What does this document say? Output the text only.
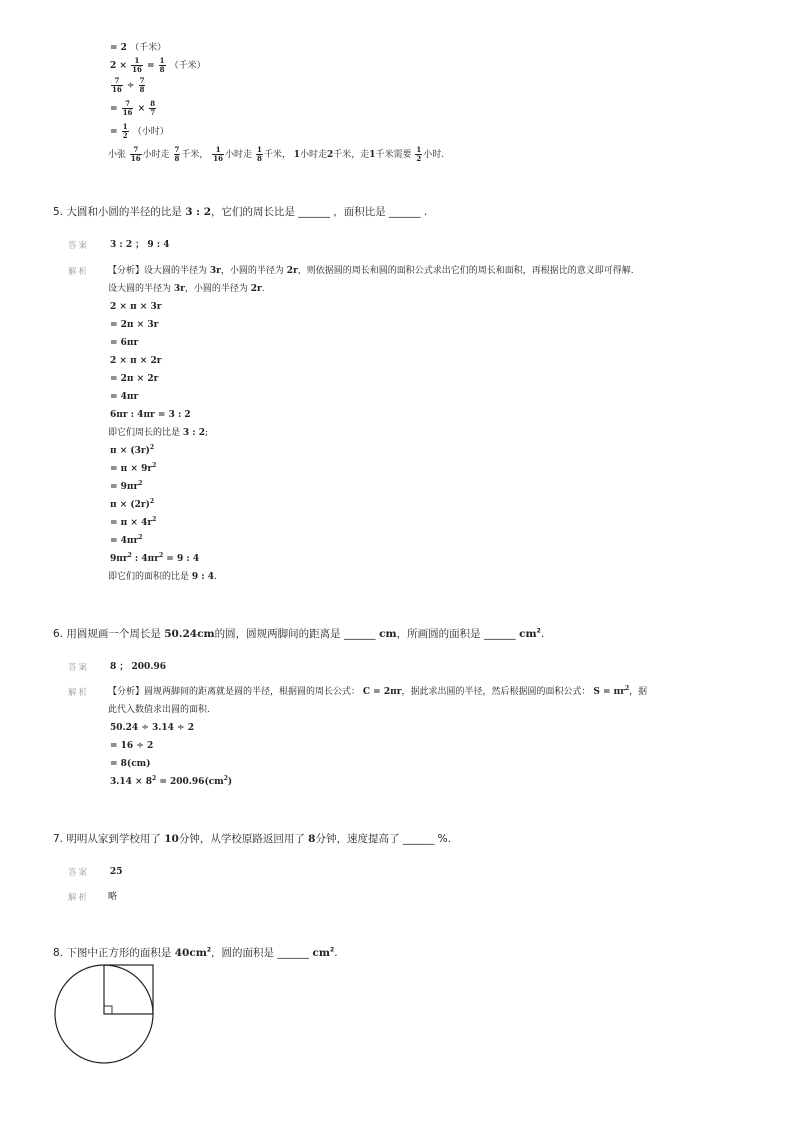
= 2 （千米）
$2 \times \frac{1}{16} = \frac{1}{8}$ （千米）
$\frac{7}{16} \div \frac{7}{8}$
= $\frac{7}{16} \times \frac{8}{7}$
= $\frac{1}{2}$ （小时）
小张 $\frac{7}{16}$ 小时走 $\frac{7}{8}$ 千米， $\frac{1}{16}$ 小时走 $\frac{1}{8}$ 千米， 1小时走2千米，走1千米需要 $\frac{1}{2}$ 小时.
5. 大圆和小圆的半径的比是 3 : 2，它们的周长比是 ______ ，面积比是 ______ .
答案 3 : 2 ； 9 : 4
解析 【分析】设大圆的半径为 3r，小圆的半径为 2r，则依据圆的周长和圆的面积公式求出它们的周长和面积，再根据比的意义即可得解.
设大圆的半径为 3r，小圆的半径为 2r.
2 × π × 3r
= 2π × 3r
= 6πr
2 × π × 2r
= 2π × 2r
= 4πr
6πr : 4πr = 3 : 2
即它们周长的比是 3 : 2;
$\pi \times (3r)^2$
= $\pi \times 9r^2$
= $9\pi r^2$
$\pi \times (2r)^2$
= $\pi \times 4r^2$
= $4\pi r^2$
$9\pi r^2$ : $4\pi r^2 = 9$ : 4
即它们的面积的比是 9 : 4.
6. 用圆规画一个周长是 50.24cm的圆，圆规两脚间的距离是 ______ cm，所画圆的面积是 ______ $cm^2$.
答案 8 ； 200.96
解析 【分析】圆规两脚间的距离就是圆的半径，根据圆的周长公式： C = 2πr，据此求出圆的半径，然后根据圆的面积公式： $S = \pi r^2$，据
此代入数值求出圆的面积.
50.24 ÷ 3.14 ÷ 2
= 16 ÷ 2
= 8(cm)
$3.14 \times 8^2 = 200.96(cm^2)$
7. 明明从家到学校用了 10分钟，从学校原路返回用了 8分钟，速度提高了 ______ %.
答案 25
解析 略
8. 下图中正方形的面积是 $40cm^2$，圆的面积是 ______ $cm^2$.
